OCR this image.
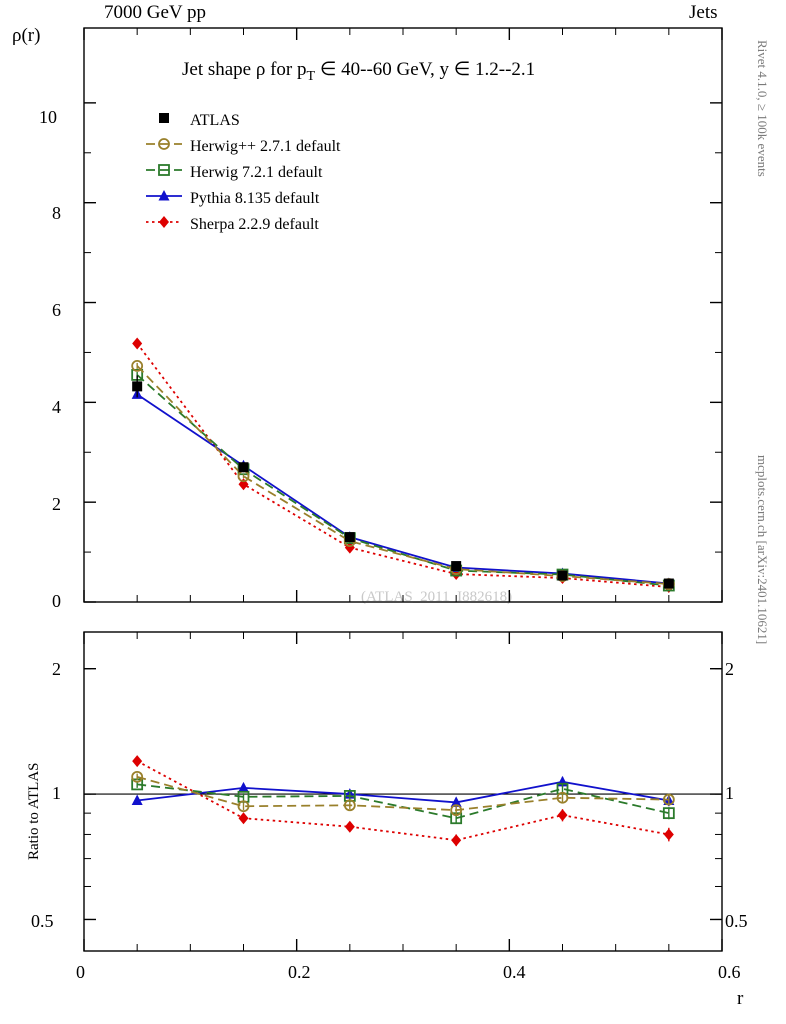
7000 GeV pp	Jets
Rivet 4.1.0, ≥ 100k events
mcplots.cern.ch [arXiv:2401.10621]
ρ(r)
Ratio to ATLAS
r
Jet shape ρ for $p_T$ ∈ 40--60 GeV, y ∈ 1.2--2.1
(ATLAS_2011_I882618)
ATLAS
Herwig++ 2.7.1 default
Herwig 7.2.1 default
Pythia 8.135 default
Sherpa 2.2.9 default
10
8
6
4
2
0
2
1
0.5
2
1
0.5
0	0.2	0.4	0.6
